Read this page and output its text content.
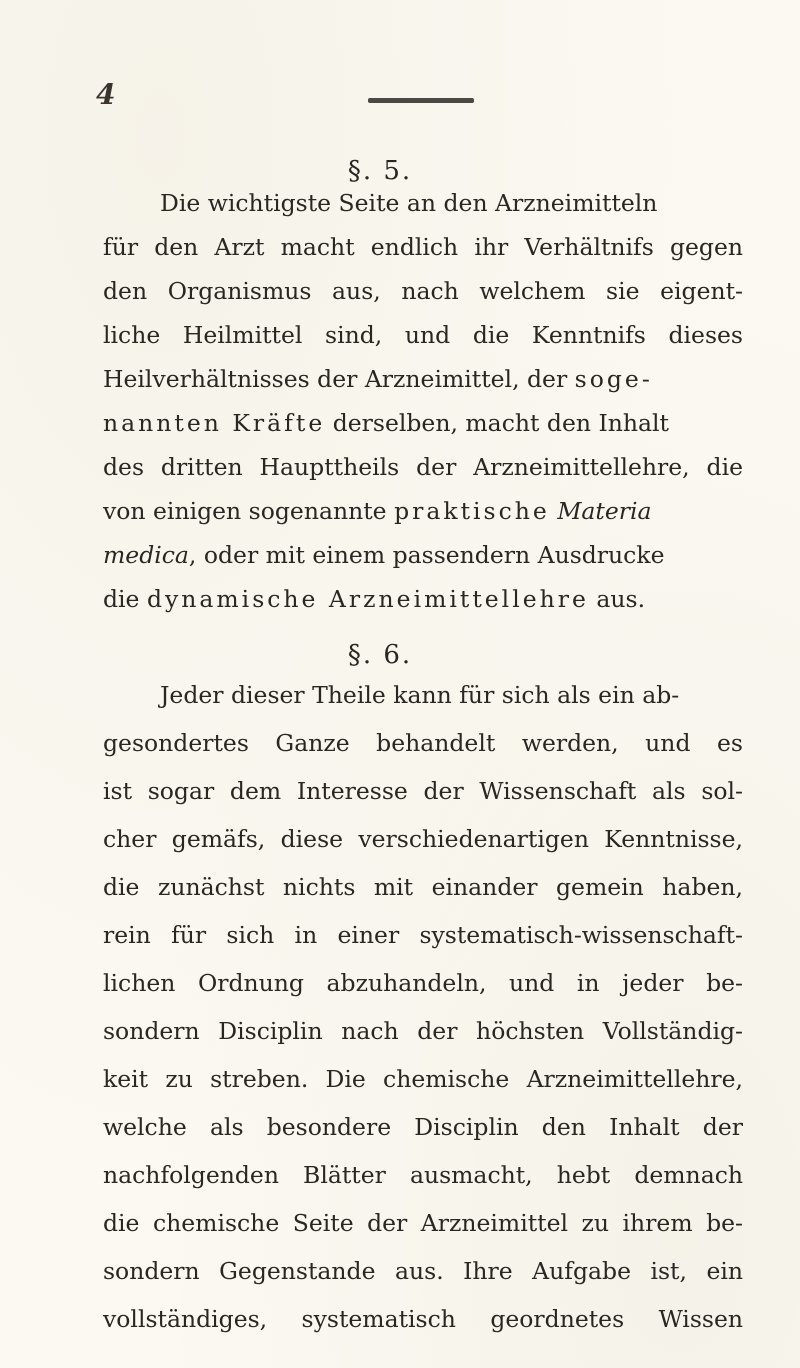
4
§. 5.
Die wichtigste Seite an den Arzneimitteln
für den Arzt macht endlich ihr Verhältnifs gegen
den Organismus aus, nach welchem sie eigent-
liche Heilmittel sind, und die Kenntnifs dieses
Heilverhältnisses der Arzneimittel, der soge-
nannten Kräfte derselben, macht den Inhalt
des dritten Haupttheils der Arzneimittellehre, die
von einigen sogenannte praktische Materia
medica, oder mit einem passendern Ausdrucke
§. 6.
Jeder dieser Theile kann für sich als ein ab-
gesondertes Ganze behandelt werden, und es
ist sogar dem Interesse der Wissenschaft als sol-
cher gemäfs, diese verschiedenartigen Kenntnisse,
die zunächst nichts mit einander gemein haben,
rein für sich in einer systematisch-wissenschaft-
lichen Ordnung abzuhandeln, und in jeder be-
sondern Disciplin nach der höchsten Vollständig-
keit zu streben. Die chemische Arzneimittellehre,
welche als besondere Disciplin den Inhalt der
nachfolgenden Blätter ausmacht, hebt demnach
die chemische Seite der Arzneimittel zu ihrem be-
sondern Gegenstande aus. Ihre Aufgabe ist, ein
vollständiges, systematisch geordnetes Wissen
die dynamische Arzneimittellehre aus.
